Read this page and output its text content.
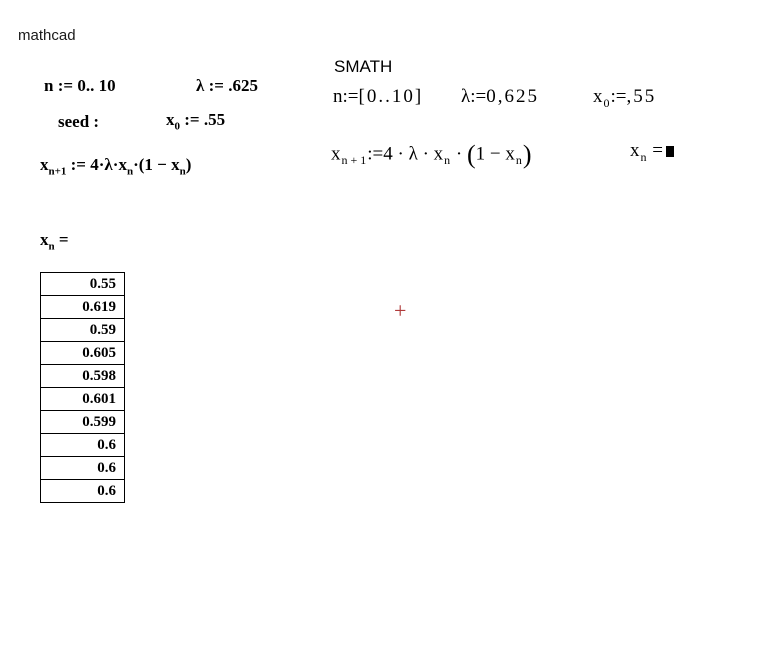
mathcad
n := 0.. 10	λ := .625
seed :	$x_0$ := .55
$x_{n+1}$ := $4\cdot\lambda\cdot x_n\cdot(1 - x_n)$
$x_n$ =
0.55
0.619
0.59
0.605
0.598
0.601
0.599
0.6
0.6
0.6
SMATH
n:=[0..10] λ:=0,625	$x_0:=,55$
$x_{n + 1}:=4 \cdot \lambda \cdot x_n \cdot (1 - x_n)$	$x_n$ =
+
